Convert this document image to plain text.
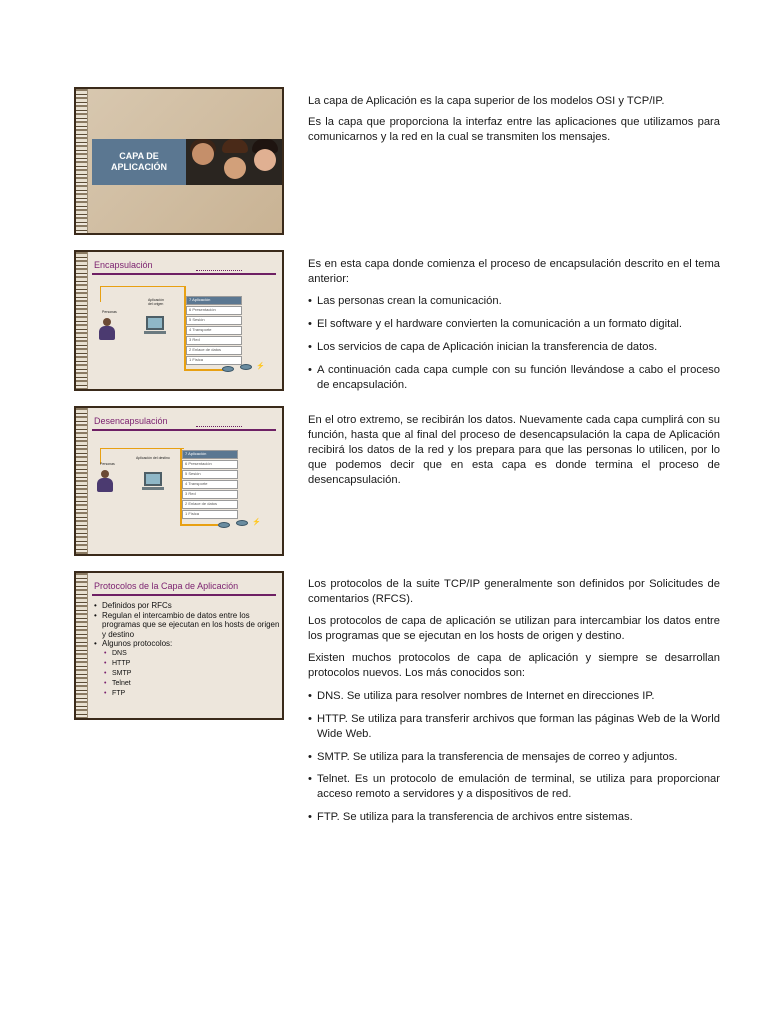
CAPA DE APLICACIÓN
Encapsulación
Personas
Aplicación del origen
7 Aplicación
6 Presentación
5 Sesión
4 Transporte
3 Red
2 Enlace de datos
1 Física
⚡
Desencapsulación
Personas
Aplicación del destino
7 Aplicación
6 Presentación
5 Sesión
4 Transporte
3 Red
2 Enlace de datos
1 Física
⚡
Protocolos de la Capa de Aplicación
• Definidos por RFCs
• Regulan el intercambio de datos entre los programas que se ejecutan en los hosts de origen y destino
• Algunos protocolos:
• DNS
• HTTP
• SMTP
• Telnet
• FTP

La capa de Aplicación es la capa superior de los modelos OSI y TCP/IP.

Es la capa que proporciona la interfaz entre las aplicaciones que utilizamos para comunicarnos y la red en la cual se transmiten los mensajes.

Es en esta capa donde comienza el proceso de encapsulación descrito en el tema anterior:

• Las personas crean la comunicación.
• El software y el hardware convierten la comunicación a un formato digital.
• Los servicios de capa de Aplicación inician la transferencia de datos.
• A continuación cada capa cumple con su función llevándose a cabo el proceso de encapsulación.

En el otro extremo, se recibirán los datos. Nuevamente cada capa cumplirá con su función, hasta que al final del proceso de desencapsulación la capa de Aplicación recibirá los datos de la red y los prepara para que las personas lo utilicen, por lo que podemos decir que en esta capa es donde termina el proceso de desencapsulación.

Los protocolos de la suite TCP/IP generalmente son definidos por Solicitudes de comentarios (RFCS).

Los protocolos de capa de aplicación se utilizan para intercambiar los datos entre los programas que se ejecutan en los hosts de origen y destino.

Existen muchos protocolos de capa de aplicación y siempre se desarrollan protocolos nuevos. Los más conocidos son:

• DNS. Se utiliza para resolver nombres de Internet en direcciones IP.
• HTTP. Se utiliza para transferir archivos que forman las páginas Web de la World Wide Web.
• SMTP. Se utiliza para la transferencia de mensajes de correo y adjuntos.
• Telnet. Es un protocolo de emulación de terminal, se utiliza para proporcionar acceso remoto a servidores y a dispositivos de red.
• FTP. Se utiliza para la transferencia de archivos entre sistemas.
